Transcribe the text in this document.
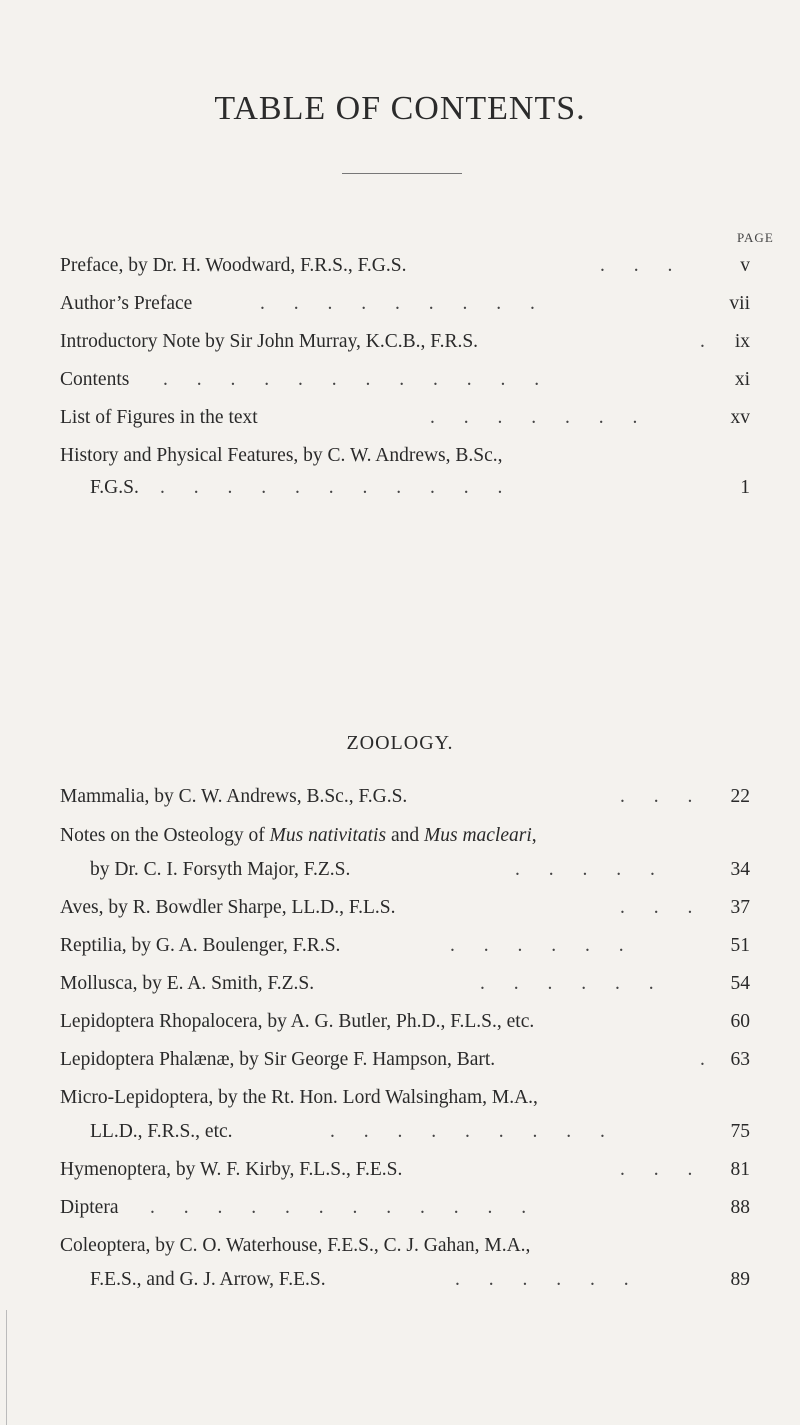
TABLE OF CONTENTS.
PAGE
Preface, by Dr. H. Woodward, F.R.S., F.G.S.	. . .	v
Author’s Preface	. . . . . . . . .	vii
Introductory Note by Sir John Murray, K.C.B., F.R.S.	. ix
Contents . . . . . . . . . . . .	xi
List of Figures in the text	. . . . . . .	xv
History and Physical Features, by C. W. Andrews, B.Sc.,
F.G.S. . . . . . . . . . . .	1
ZOOLOGY.
Mammalia, by C. W. Andrews, B.Sc., F.G.S.	. . . 22
Notes on the Osteology of Mus nativitatis and Mus macleari,
by Dr. C. I. Forsyth Major, F.Z.S.	. . . . .	34
Aves, by R. Bowdler Sharpe, LL.D., F.L.S.	. . . 37
Reptilia, by G. A. Boulenger, F.R.S.	. . . . . .	51
Mollusca, by E. A. Smith, F.Z.S.	. . . . . .	54
Lepidoptera Rhopalocera, by A. G. Butler, Ph.D., F.L.S., etc.	60
Lepidoptera Phalænæ, by Sir George F. Hampson, Bart.	. 63
Micro-Lepidoptera, by the Rt. Hon. Lord Walsingham, M.A.,
LL.D., F.R.S., etc.	. . . . . . . . .	75
Hymenoptera, by W. F. Kirby, F.L.S., F.E.S.	. . . 81
Diptera . . . . . . . . . . . .	88
Coleoptera, by C. O. Waterhouse, F.E.S., C. J. Gahan, M.A.,
F.E.S., and G. J. Arrow, F.E.S.	. . . . . .	89
